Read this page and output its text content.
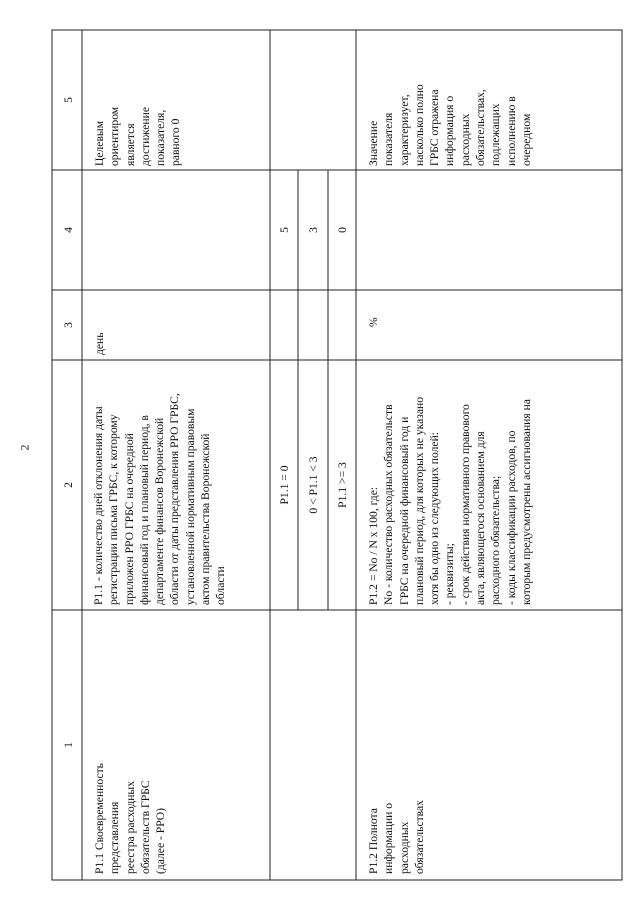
2
5
4
3
2
1
P1.1 Своевременность представления реестра расходных обязательств ГРБС (далее - РРО)
P1.1 - количество дней отклонения даты регистрации письма ГРБС, к которому приложен РРО ГРБС на очередной финансовый год и плановый период, в департаменте финансов Воронежской области от даты представления РРО ГРБС, установленной нормативным правовым актом правительства Воронежской области
день
Целевым ориентиром является достижение показателя, равного 0
P1.1 = 0
5
0 < P1.1 < 3
3
P1.1 >= 3
0
P1.2 Полнота информации о расходных обязательствах
P1.2 = No / N x 100, где: No - количество расходных обязательств ГРБС на очередной финансовый год и плановый период, для которых не указано хотя бы одно из следующих полей: - реквизиты; - срок действия нормативного правового акта, являющегося основанием для расходного обязательства; - коды классификации расходов, по которым предусмотрены ассигнования на
%
Значение показателя характеризует, насколько полно ГРБС отражена информация о расходных обязательствах, подлежащих исполнению в очередном
